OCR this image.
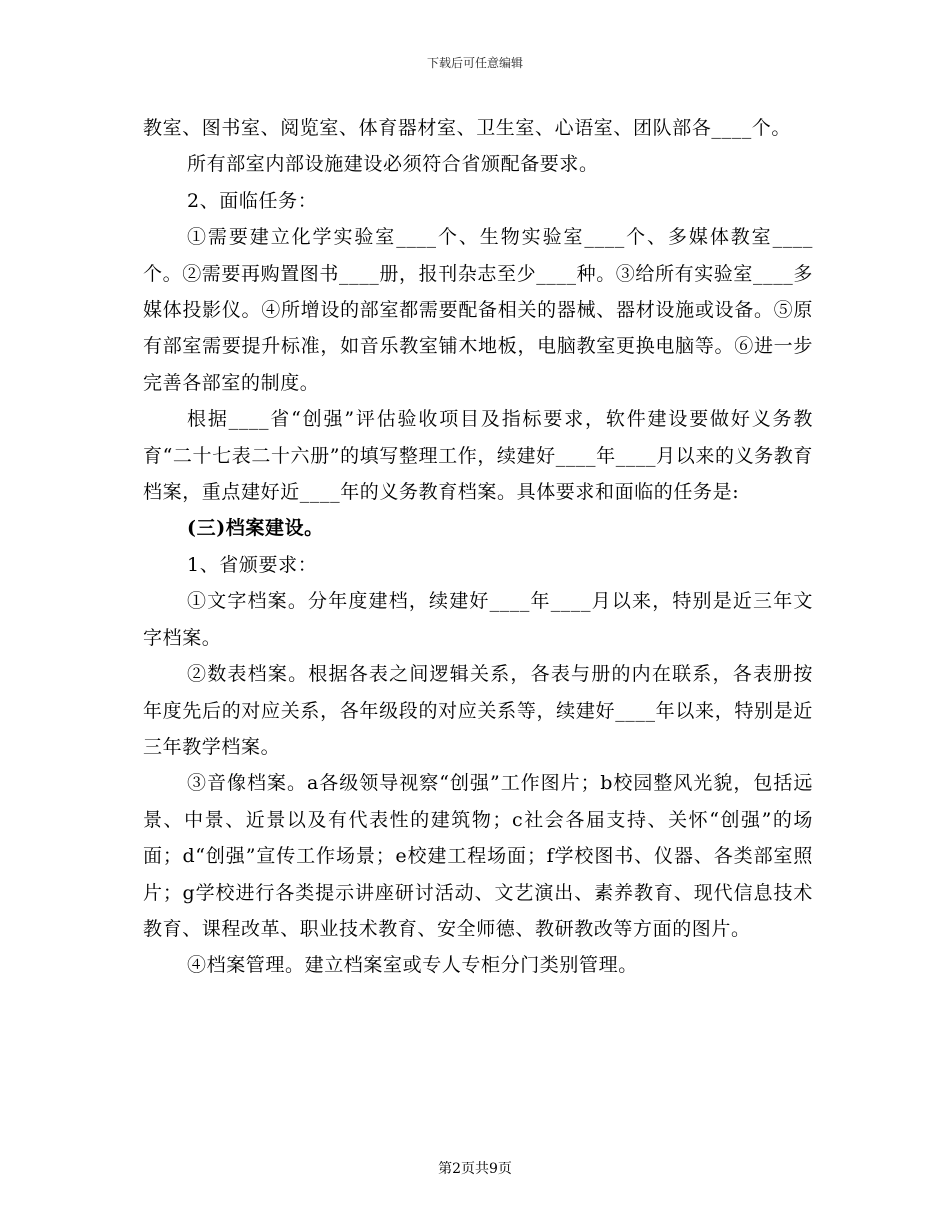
下载后可任意编辑

教室、图书室、阅览室、体育器材室、卫生室、心语室、团队部各____个。

所有部室内部设施建设必须符合省颁配备要求。

2、面临任务：

①需要建立化学实验室____个、生物实验室____个、多媒体教室____个。②需要再购置图书____册，报刊杂志至少____种。③给所有实验室____多媒体投影仪。④所增设的部室都需要配备相关的器械、器材设施或设备。⑤原有部室需要提升标准，如音乐教室铺木地板，电脑教室更换电脑等。⑥进一步完善各部室的制度。

根据____省“创强”评估验收项目及指标要求，软件建设要做好义务教育“二十七表二十六册”的填写整理工作，续建好____年____月以来的义务教育档案，重点建好近____年的义务教育档案。具体要求和面临的任务是:

(三)档案建设。

1、省颁要求：

①文字档案。分年度建档，续建好____年____月以来，特别是近三年文字档案。

②数表档案。根据各表之间逻辑关系，各表与册的内在联系，各表册按年度先后的对应关系，各年级段的对应关系等，续建好____年以来，特别是近三年教学档案。

③音像档案。a各级领导视察“创强”工作图片；b校园整风光貌，包括远景、中景、近景以及有代表性的建筑物；c社会各届支持、关怀“创强”的场面；d“创强”宣传工作场景；e校建工程场面；f学校图书、仪器、各类部室照片；g学校进行各类提示讲座研讨活动、文艺演出、素养教育、现代信息技术教育、课程改革、职业技术教育、安全师德、教研教改等方面的图片。

④档案管理。建立档案室或专人专柜分门类别管理。

第2页共9页
